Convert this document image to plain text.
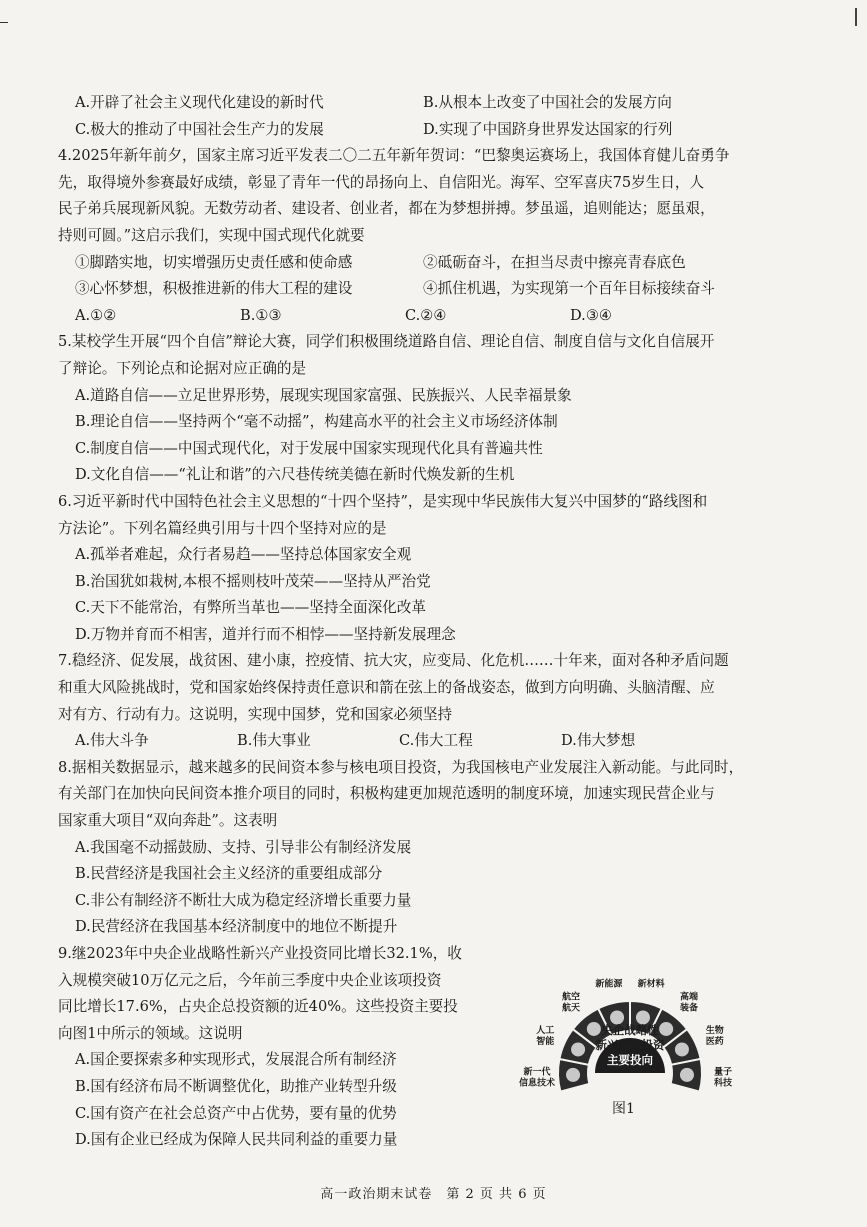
A.开辟了社会主义现代化建设的新时代	B.从根本上改变了中国社会的发展方向
C.极大的推动了中国社会生产力的发展	D.实现了中国跻身世界发达国家的行列
4.2025年新年前夕，国家主席习近平发表二〇二五年新年贺词：“巴黎奥运赛场上，我国体育健儿奋勇争
先，取得境外参赛最好成绩，彰显了青年一代的昂扬向上、自信阳光。海军、空军喜庆75岁生日，人
民子弟兵展现新风貌。无数劳动者、建设者、创业者，都在为梦想拼搏。梦虽遥，追则能达；愿虽艰，
持则可圆。”这启示我们，实现中国式现代化就要
①脚踏实地，切实增强历史责任感和使命感	②砥砺奋斗，在担当尽责中擦亮青春底色
③心怀梦想，积极推进新的伟大工程的建设	④抓住机遇，为实现第一个百年目标接续奋斗
A.①②	B.①③	C.②④	D.③④
5.某校学生开展“四个自信”辩论大赛，同学们积极围绕道路自信、理论自信、制度自信与文化自信展开
了辩论。下列论点和论据对应正确的是
A.道路自信——立足世界形势，展现实现国家富强、民族振兴、人民幸福景象
B.理论自信——坚持两个“毫不动摇”，构建高水平的社会主义市场经济体制
C.制度自信——中国式现代化，对于发展中国家实现现代化具有普遍共性
D.文化自信——“礼让和谐”的六尺巷传统美德在新时代焕发新的生机
6.习近平新时代中国特色社会主义思想的“十四个坚持”，是实现中华民族伟大复兴中国梦的“路线图和
方法论”。下列名篇经典引用与十四个坚持对应的是
A.孤举者难起，众行者易趋——坚持总体国家安全观
B.治国犹如栽树,本根不摇则枝叶茂荣——坚持从严治党
C.天下不能常治，有弊所当革也——坚持全面深化改革
D.万物并育而不相害，道并行而不相悖——坚持新发展理念
7.稳经济、促发展，战贫困、建小康，控疫情、抗大灾，应变局、化危机……十年来，面对各种矛盾问题
和重大风险挑战时，党和国家始终保持责任意识和箭在弦上的备战姿态，做到方向明确、头脑清醒、应
对有方、行动有力。这说明，实现中国梦，党和国家必须坚持
A.伟大斗争	B.伟大事业	C.伟大工程	D.伟大梦想
8.据相关数据显示，越来越多的民间资本参与核电项目投资，为我国核电产业发展注入新动能。与此同时，
有关部门在加快向民间资本推介项目的同时，积极构建更加规范透明的制度环境，加速实现民营企业与
国家重大项目“双向奔赴”。这表明
A.我国毫不动摇鼓励、支持、引导非公有制经济发展
B.民营经济是我国社会主义经济的重要组成部分
C.非公有制经济不断壮大成为稳定经济增长重要力量
D.民营经济在我国基本经济制度中的地位不断提升
9.继2023年中央企业战略性新兴产业投资同比增长32.1%，收
入规模突破10万亿元之后，今年前三季度中央企业该项投资
同比增长17.6%，占央企总投资额的近40%。这些投资主要投
向图1中所示的领域。这说明
A.国企要探索多种实现形式，发展混合所有制经济
B.国有经济布局不断调整优化，助推产业转型升级
C.国有资产在社会总资产中占优势，要有量的优势
D.国有企业已经成为保障人民共同利益的重要力量
新一代
信息技术
人工
智能
航空
航天
新能源 新材料
高端
装备
生物
医药
量子
科技
央企战略性
新兴产业投资
主要投向
图1
高一政治期末试卷　第 2 页 共 6 页
